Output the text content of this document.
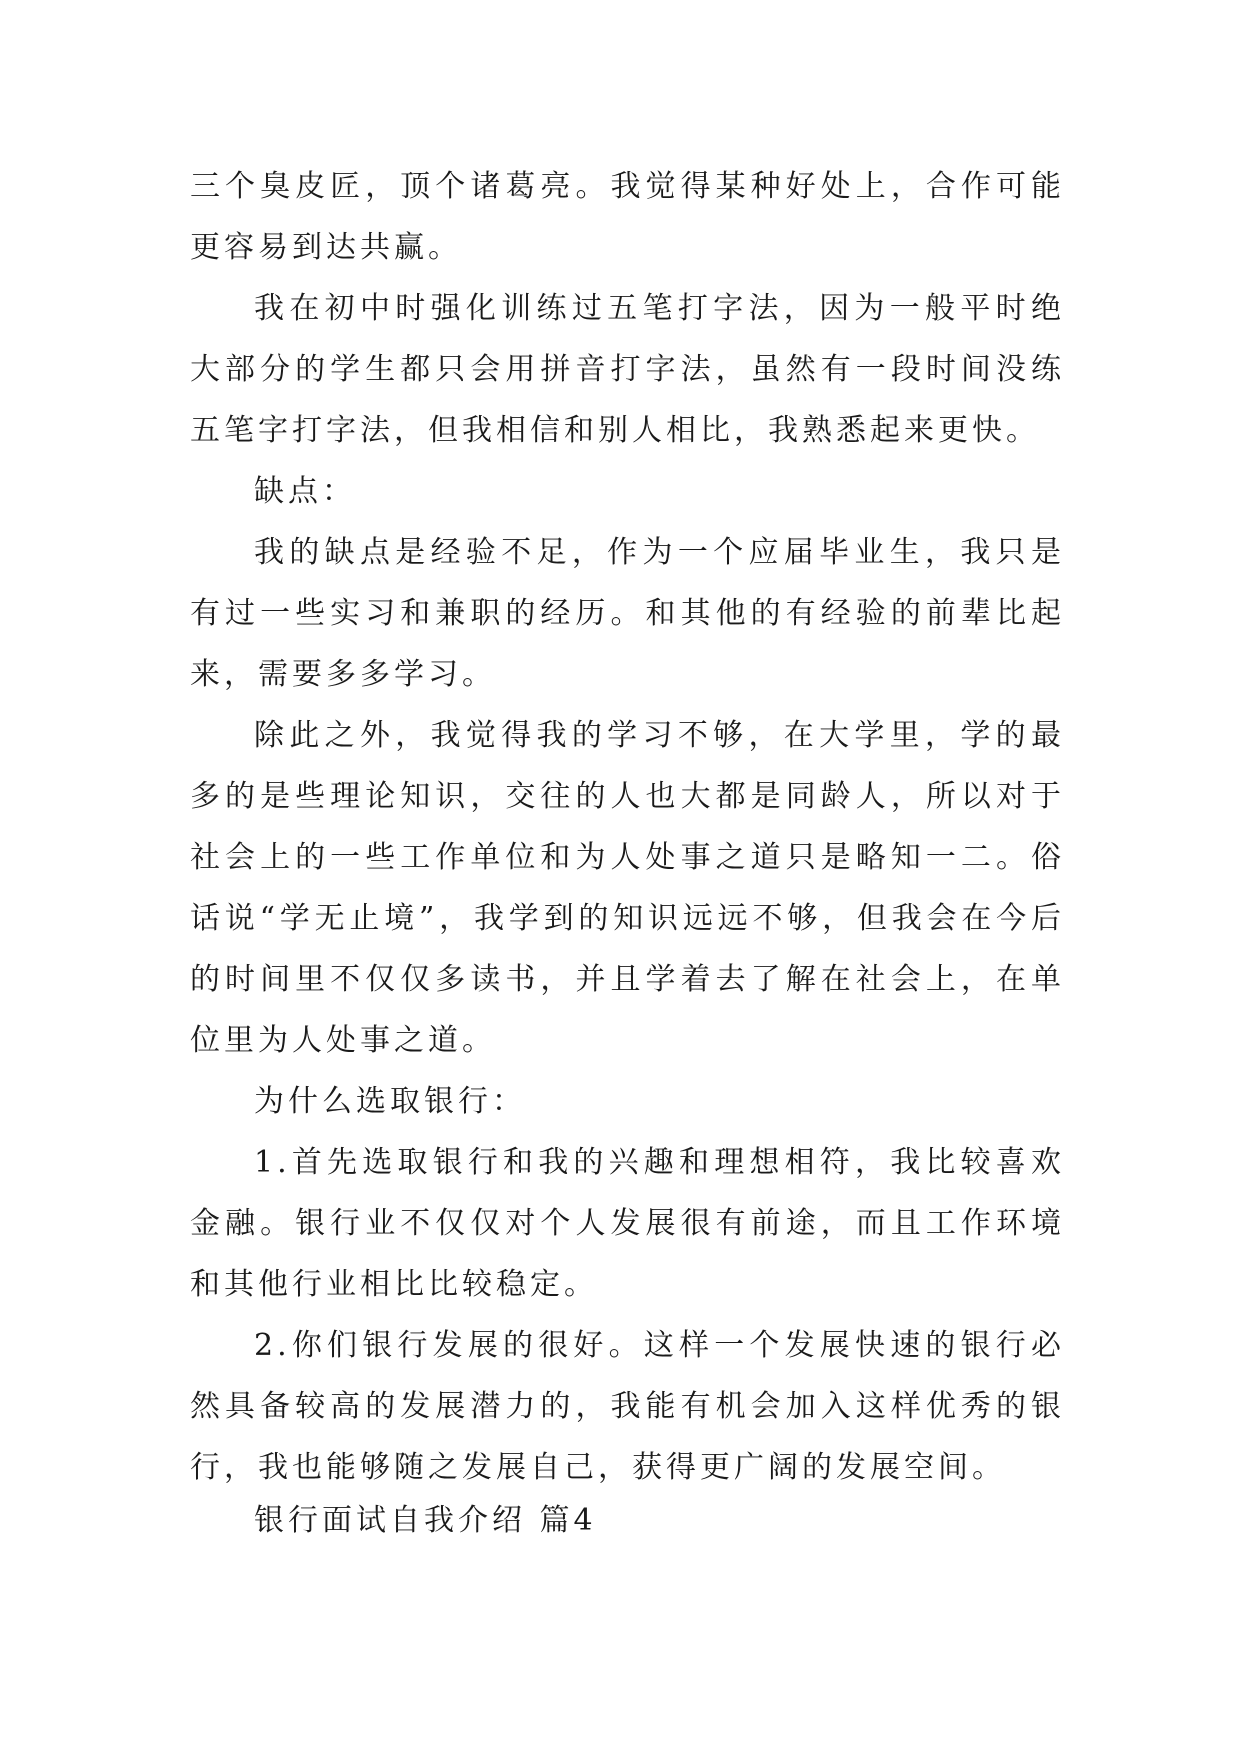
三个臭皮匠，顶个诸葛亮。我觉得某种好处上，合作可能更容易到达共赢。

我在初中时强化训练过五笔打字法，因为一般平时绝大部分的学生都只会用拼音打字法，虽然有一段时间没练五笔字打字法，但我相信和别人相比，我熟悉起来更快。

缺点：

我的缺点是经验不足，作为一个应届毕业生，我只是有过一些实习和兼职的经历。和其他的有经验的前辈比起来，需要多多学习。

除此之外，我觉得我的学习不够，在大学里，学的最多的是些理论知识，交往的人也大都是同龄人，所以对于社会上的一些工作单位和为人处事之道只是略知一二。俗话说“学无止境”，我学到的知识远远不够，但我会在今后的时间里不仅仅多读书，并且学着去了解在社会上，在单位里为人处事之道。

为什么选取银行：

1.首先选取银行和我的兴趣和理想相符，我比较喜欢金融。银行业不仅仅对个人发展很有前途，而且工作环境和其他行业相比比较稳定。

2.你们银行发展的很好。这样一个发展快速的银行必然具备较高的发展潜力的，我能有机会加入这样优秀的银行，我也能够随之发展自己，获得更广阔的发展空间。

银行面试自我介绍 篇4
